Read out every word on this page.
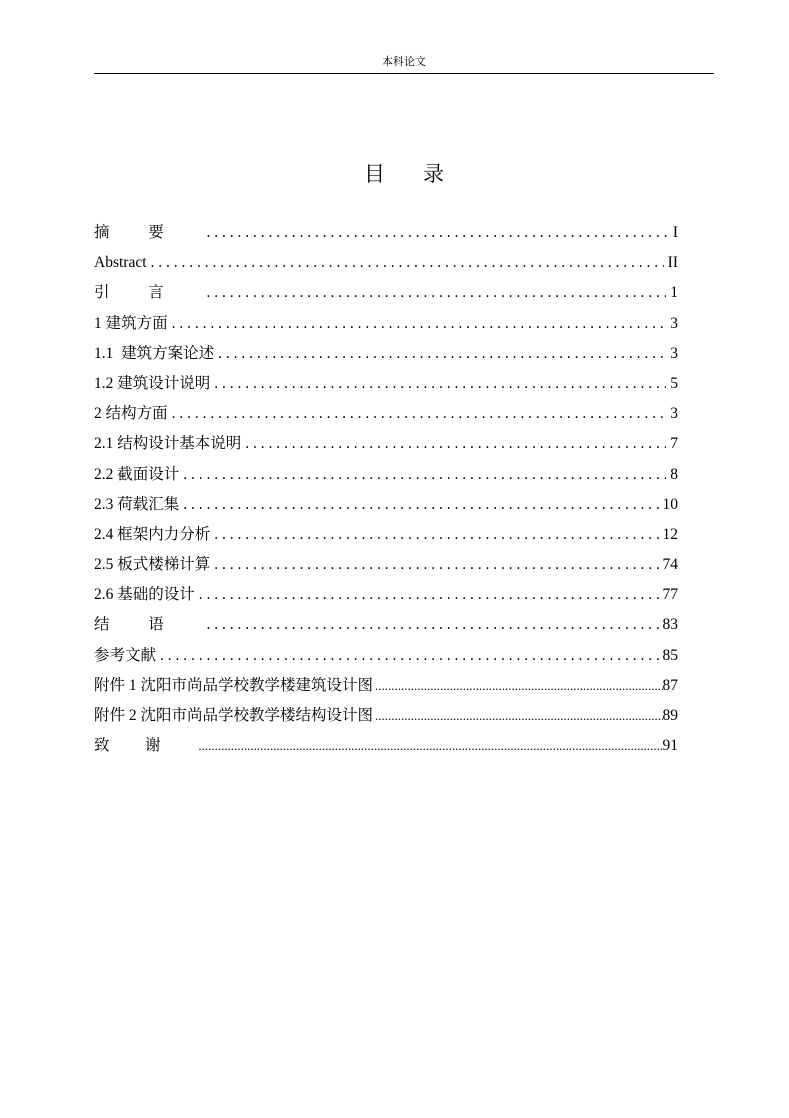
本科论文
目录
摘要 . . .	I
Abstract . . .	II
引言 . . .	1
1 建筑方面 . . .	3
1.1  建筑方案论述 . . .	3
1.2 建筑设计说明 . . .	5
2 结构方面 . . .	3
2.1 结构设计基本说明 . . .	7
2.2 截面设计 . . .	8
2.3 荷载汇集 . . .	10
2.4 框架内力分析 . . .	12
2.5 板式楼梯计算 . . .	74
2.6 基础的设计 . . .	77
结语 . . .	83
参考文献 . . .	85
附件 1 沈阳市尚品学校教学楼建筑设计图 .....	87
附件 2 沈阳市尚品学校教学楼结构设计图 .....	89
致谢 .....	91
